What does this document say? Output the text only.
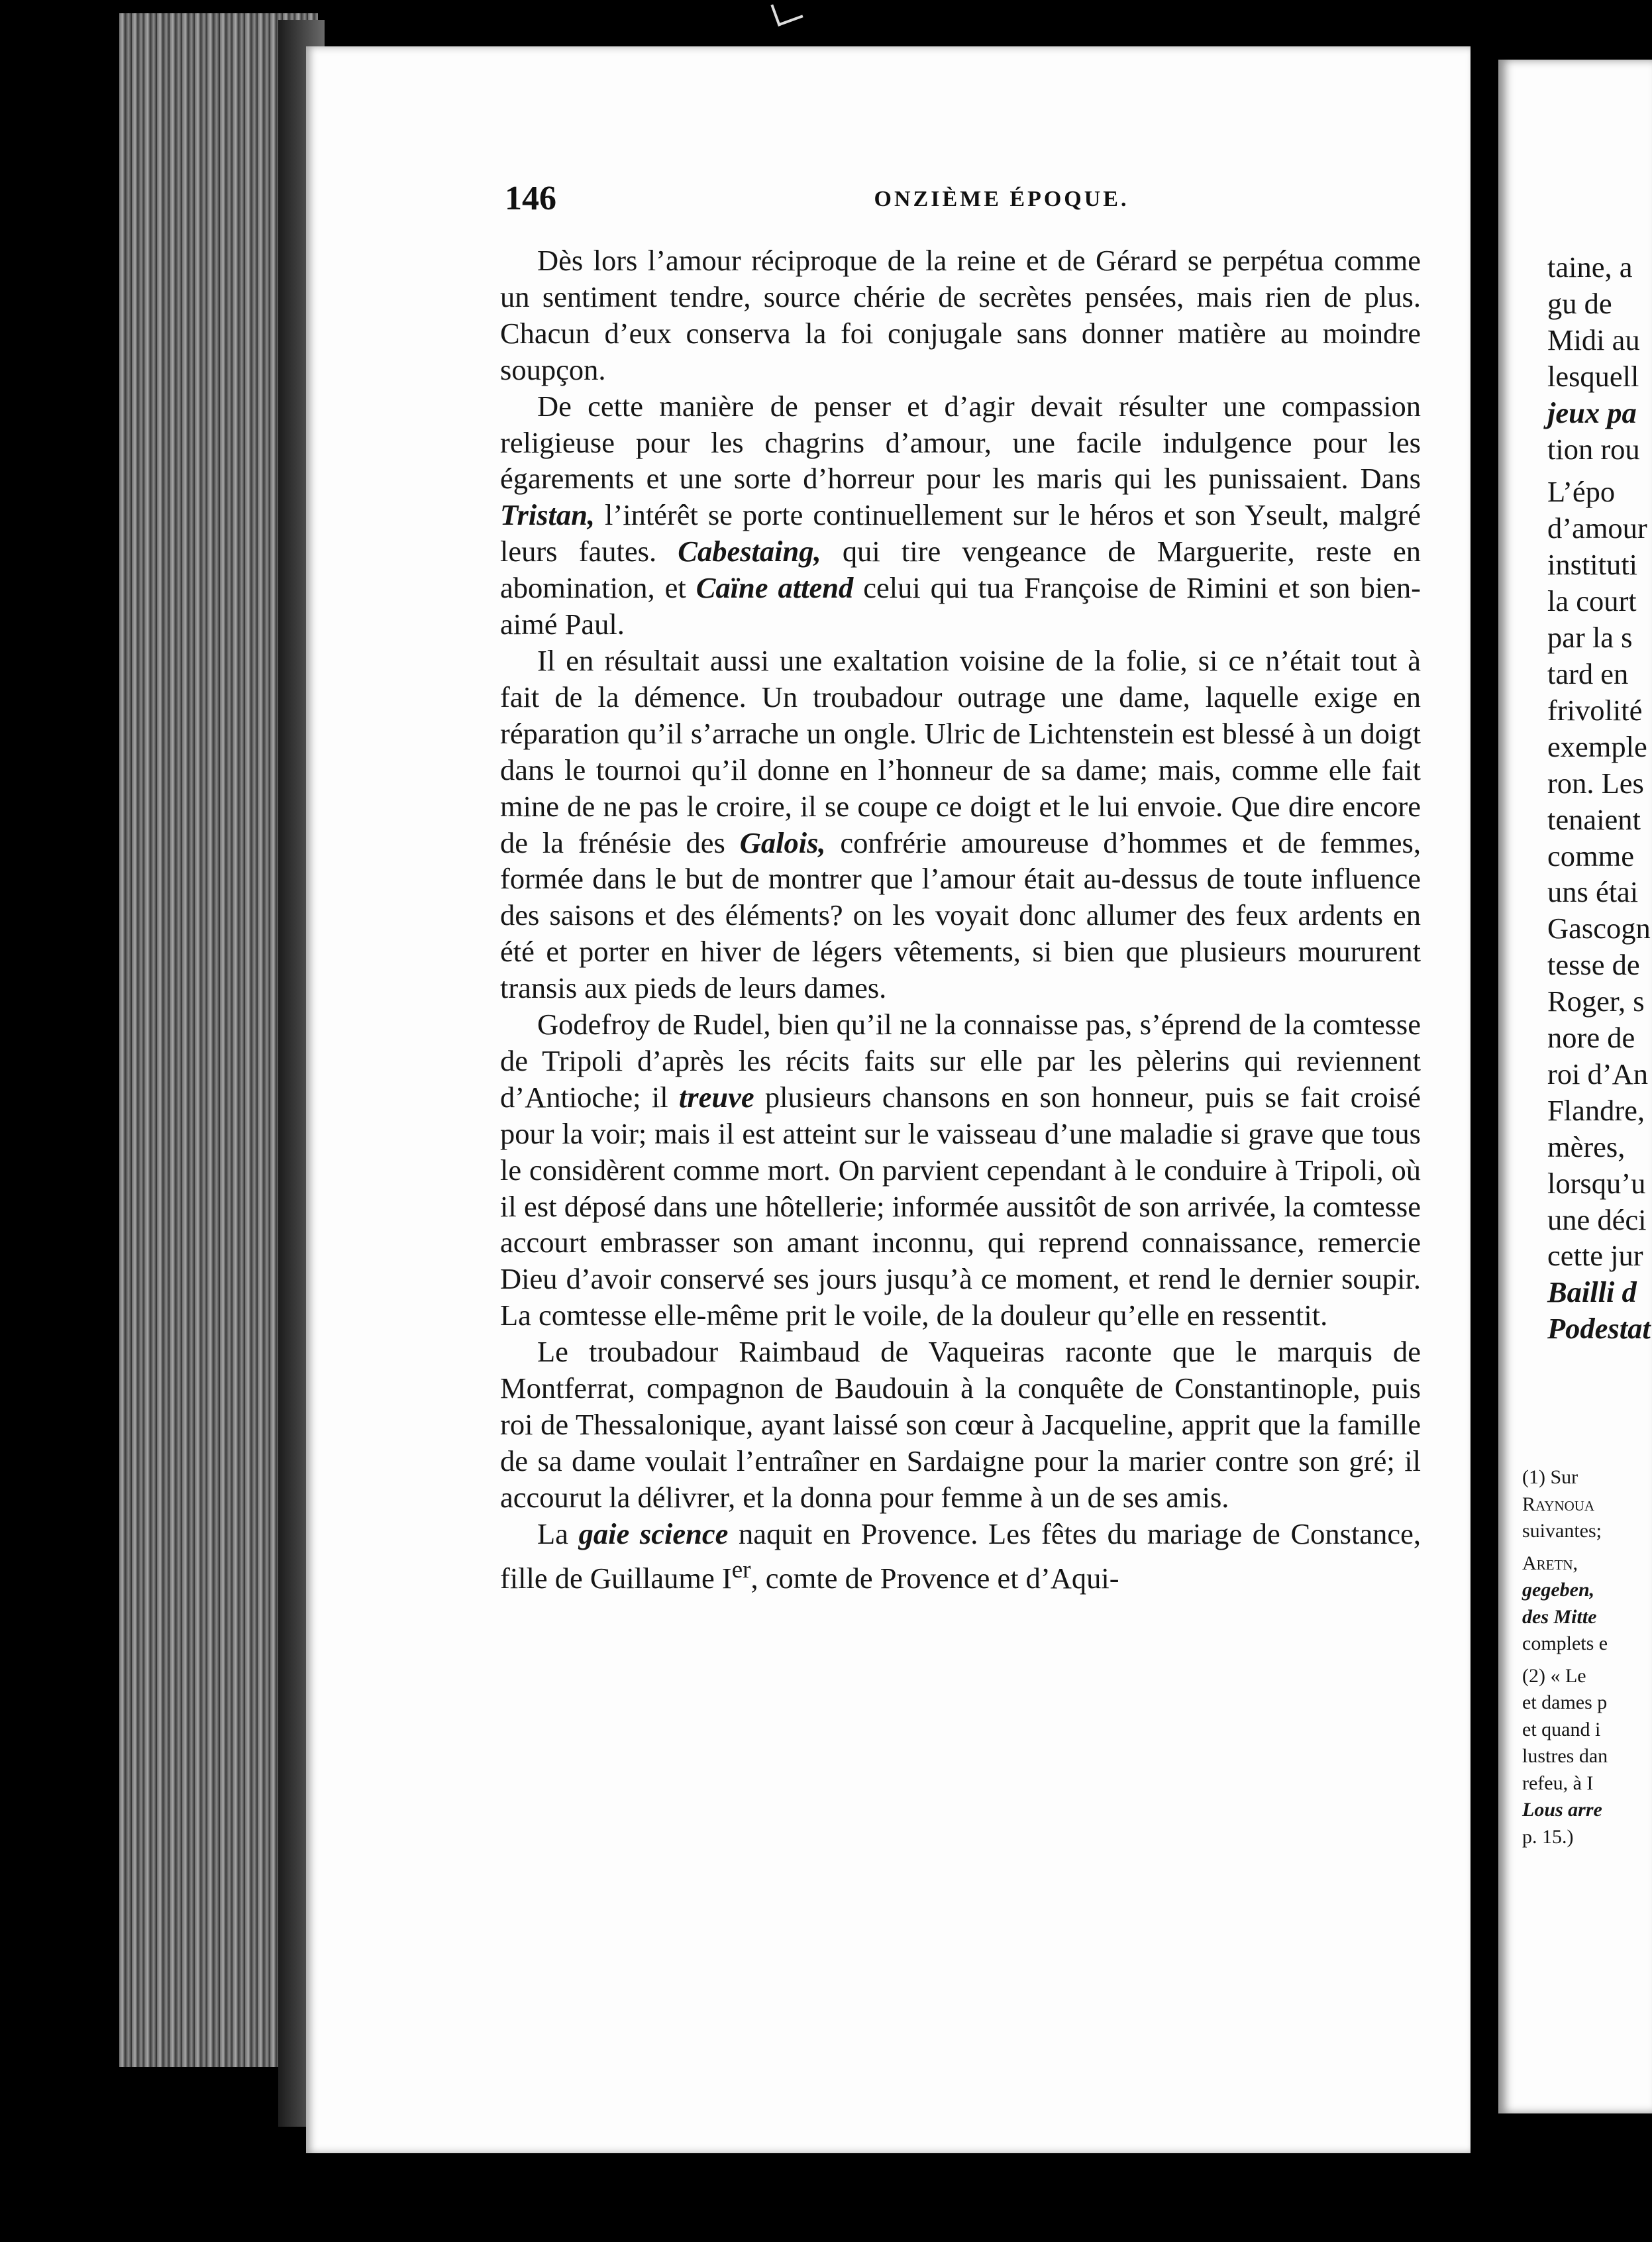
146	ONZIÈME ÉPOQUE.

Dès lors l’amour réciproque de la reine et de Gérard se perpétua comme un sentiment tendre, source chérie de secrètes pensées, mais rien de plus. Chacun d’eux conserva la foi conjugale sans donner matière au moindre soupçon.

De cette manière de penser et d’agir devait résulter une compassion religieuse pour les chagrins d’amour, une facile indulgence pour les égarements et une sorte d’horreur pour les maris qui les punissaient. Dans Tristan, l’intérêt se porte continuellement sur le héros et son Yseult, malgré leurs fautes. Cabestaing, qui tire vengeance de Marguerite, reste en abomination, et Caïne attend celui qui tua Françoise de Rimini et son bien-aimé Paul.

Il en résultait aussi une exaltation voisine de la folie, si ce n’était tout à fait de la démence. Un troubadour outrage une dame, laquelle exige en réparation qu’il s’arrache un ongle. Ulric de Lichtenstein est blessé à un doigt dans le tournoi qu’il donne en l’honneur de sa dame; mais, comme elle fait mine de ne pas le croire, il se coupe ce doigt et le lui envoie. Que dire encore de la frénésie des Galois, confrérie amoureuse d’hommes et de femmes, formée dans le but de montrer que l’amour était au-dessus de toute influence des saisons et des éléments? on les voyait donc allumer des feux ardents en été et porter en hiver de légers vêtements, si bien que plusieurs moururent transis aux pieds de leurs dames.

Godefroy de Rudel, bien qu’il ne la connaisse pas, s’éprend de la comtesse de Tripoli d’après les récits faits sur elle par les pèlerins qui reviennent d’Antioche; il treuve plusieurs chansons en son honneur, puis se fait croisé pour la voir; mais il est atteint sur le vaisseau d’une maladie si grave que tous le considèrent comme mort. On parvient cependant à le conduire à Tripoli, où il est déposé dans une hôtellerie; informée aussitôt de son arrivée, la comtesse accourt embrasser son amant inconnu, qui reprend connaissance, remercie Dieu d’avoir conservé ses jours jusqu’à ce moment, et rend le dernier soupir. La comtesse elle-même prit le voile, de la douleur qu’elle en ressentit.

Le troubadour Raimbaud de Vaqueiras raconte que le marquis de Montferrat, compagnon de Baudouin à la conquête de Constantinople, puis roi de Thessalonique, ayant laissé son cœur à Jacqueline, apprit que la famille de sa dame voulait l’entraîner en Sardaigne pour la marier contre son gré; il accourut la délivrer, et la donna pour femme à un de ses amis.

La gaie science naquit en Provence. Les fêtes du mariage de Constance, fille de Guillaume Ier, comte de Provence et d’Aqui-

taine, a
gu de
Midi au
lesquell
jeux pa
tion rou
L’épo
d’amour
instituti
la court
par la s
tard en
frivolité
exemple
ron. Les
tenaient
comme
uns étai
Gascogn
tesse de
Roger, s
nore de
roi d’An
Flandre,
mères,
lorsqu’u
une déci
cette jur
Bailli d
Podestat
(1) Sur
Raynoua
suivantes;
Aretn,
gegeben,
des Mitte
complets e
(2) « Le
et dames p
et quand i
lustres dan
refeu, à I
Lous arre
p. 15.)
